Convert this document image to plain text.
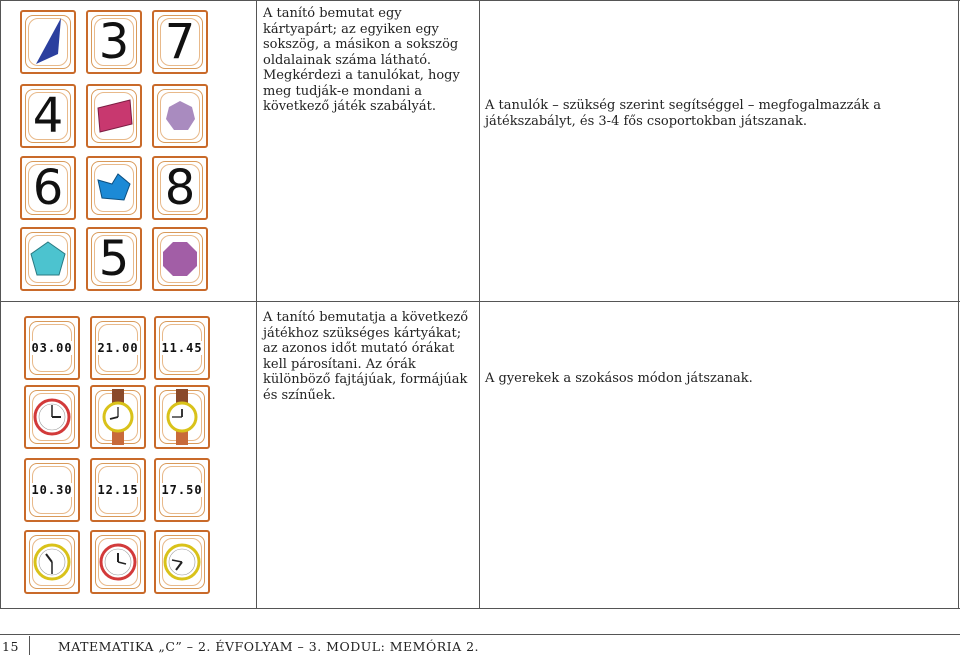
3 7
4
6 8
5
A tanító bemutat egy kártyapárt; az egyiken egy sokszög, a másikon a sokszög oldalainak száma látható. Megkérdezi a tanulókat, hogy meg tudják-e mondani a következő játék szabályát.	A tanulók – szükség szerint segítséggel – megfogalmazzák a játékszabályt, és 3-4 fős csoportokban játszanak.
03.00 21.00 11.45
10.30 12.15 17.50
A tanító bemutatja a következő játékhoz szükséges kártyákat; az azonos időt mutató órákat kell párosítani. Az órák különböző fajtájúak, formájúak és színűek.
A gyerekek a szokásos módon játszanak.
15	MATEMATIKA „C” – 2. ÉVFOLYAM – 3. MODUL: MEMÓRIA 2.
